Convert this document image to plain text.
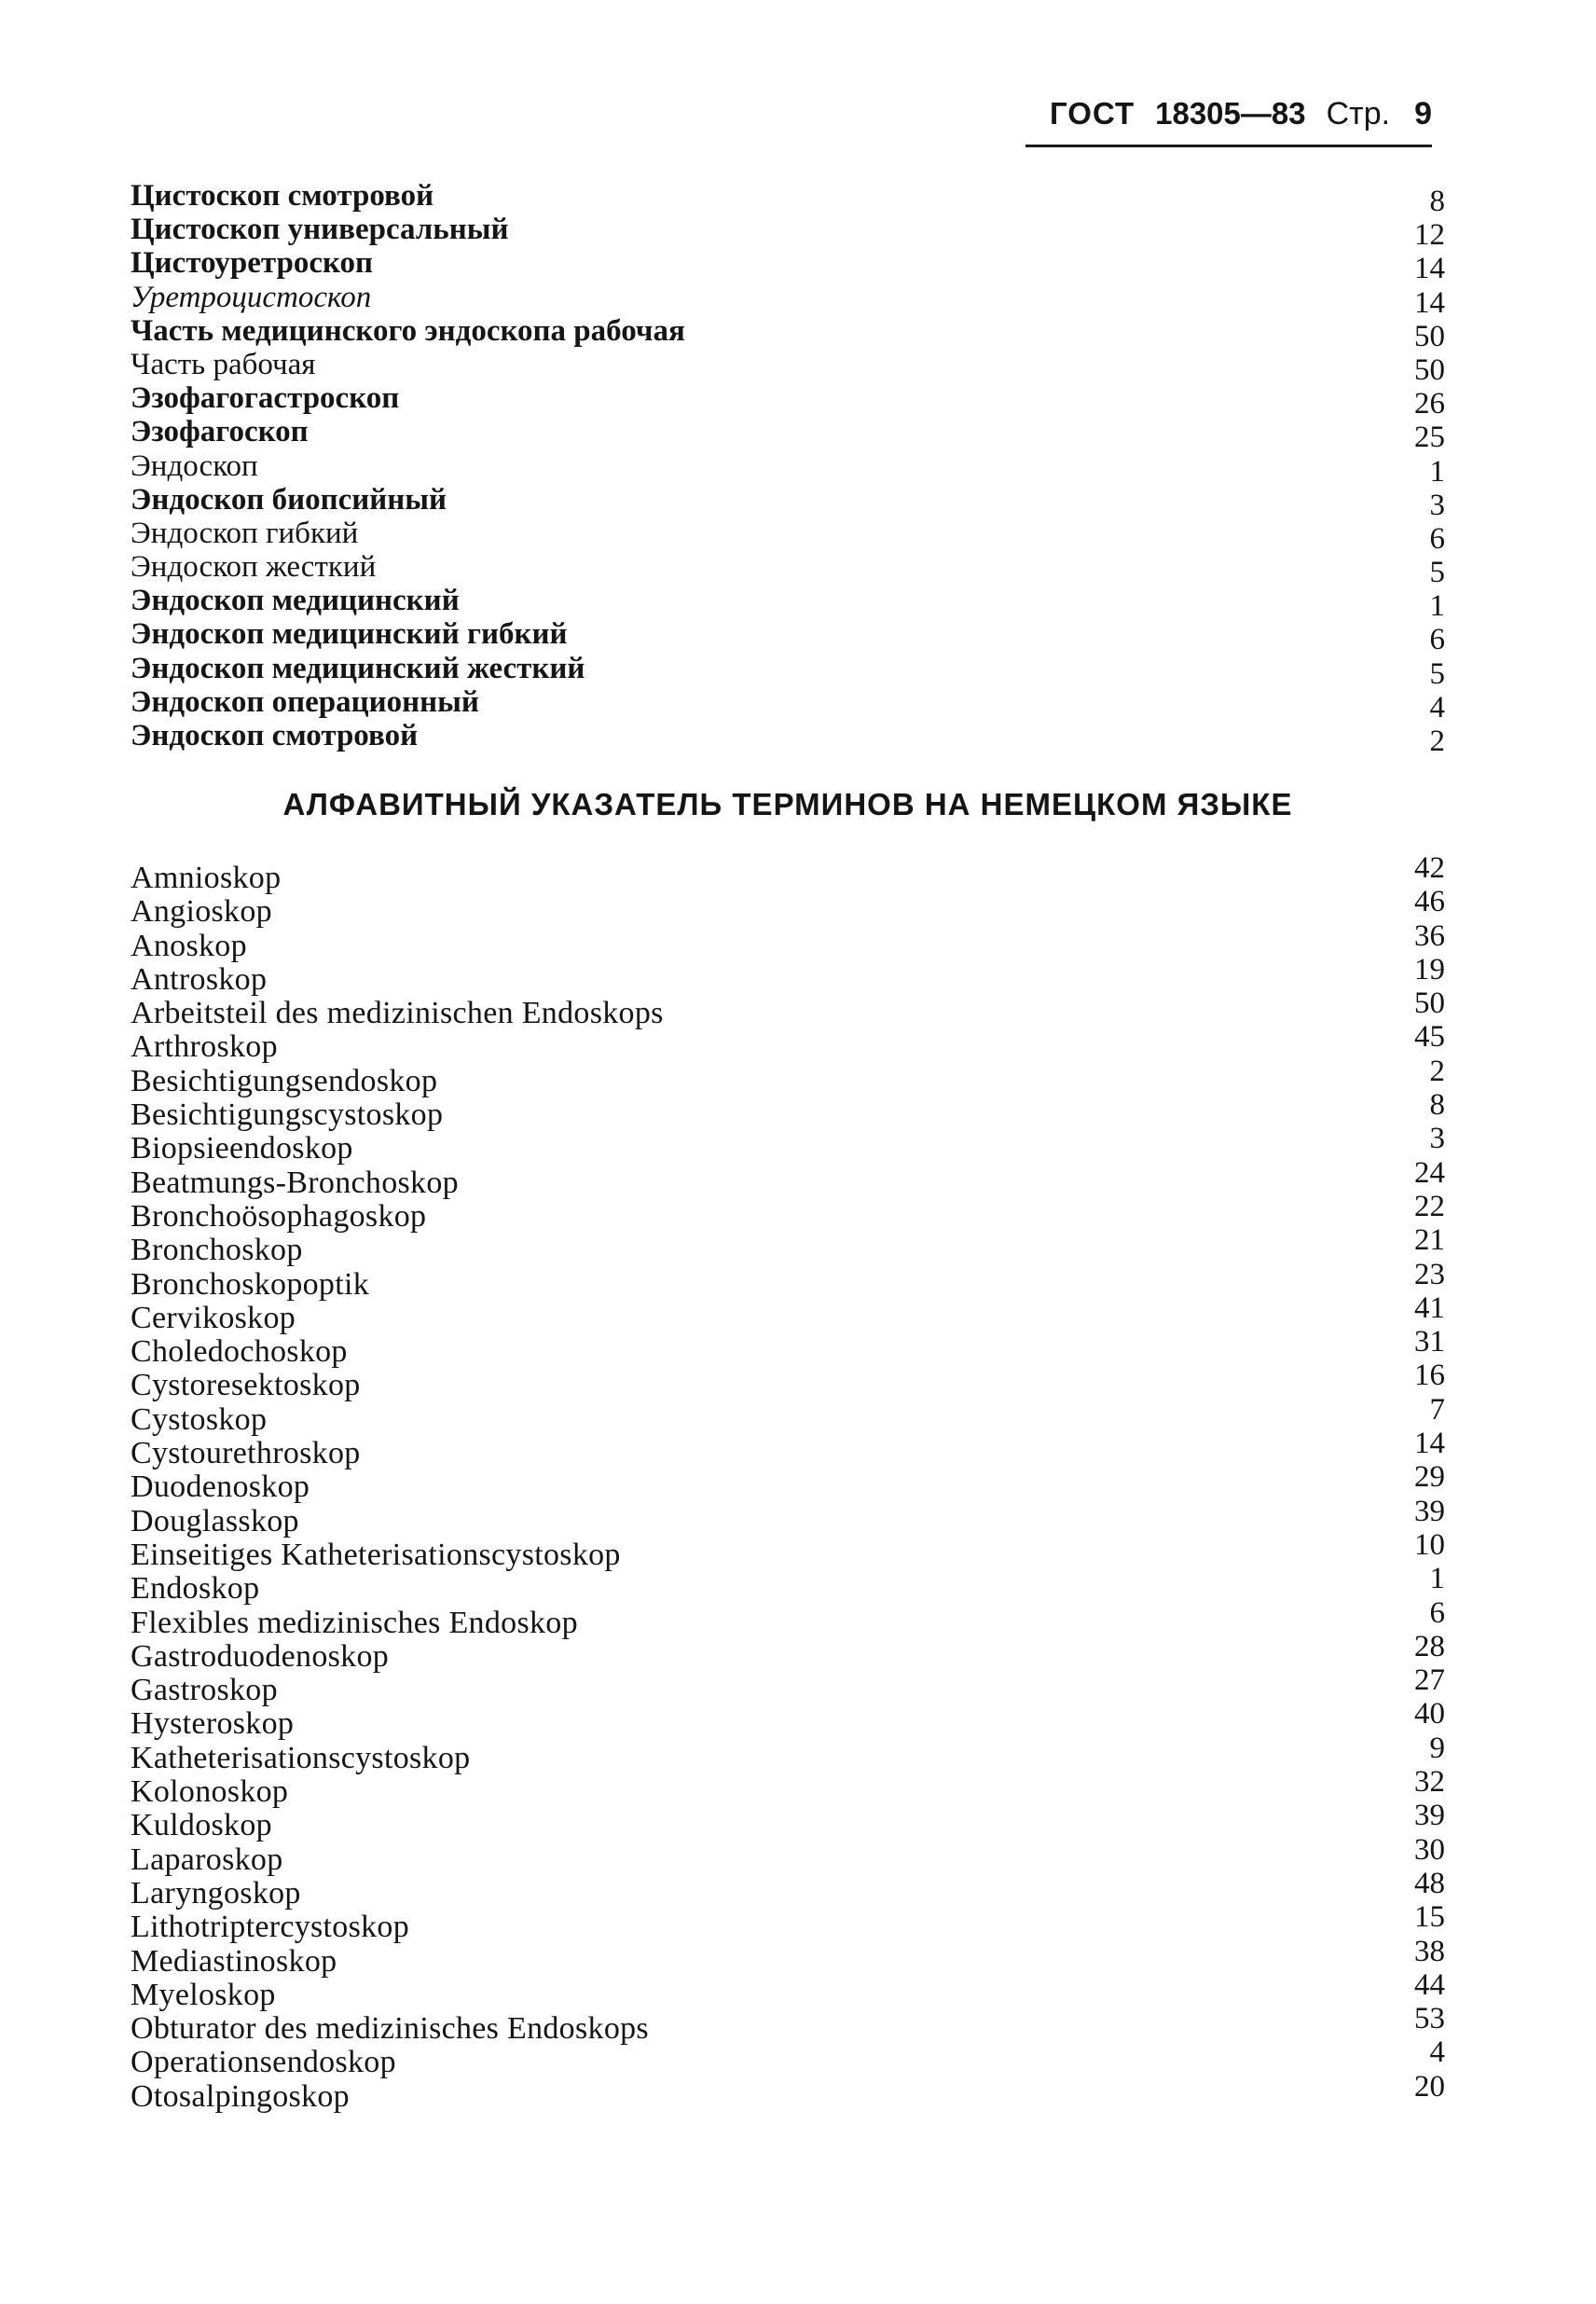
ГОСТ 18305—83 Стр. 9
Цистоскоп смотровой	8
Цистоскоп универсальный	12
Цистоуретроскоп	14
Уретроцистоскоп	14
Часть медицинского эндоскопа рабочая	50
Часть рабочая	50
Эзофагогастроскоп	26
Эзофагоскоп	25
Эндоскоп	1
Эндоскоп биопсийный	3
Эндоскоп гибкий	6
Эндоскоп жесткий	5
Эндоскоп медицинский	1
Эндоскоп медицинский гибкий	6
Эндоскоп медицинский жесткий	5
Эндоскоп операционный	4
Эндоскоп смотровой	2
АЛФАВИТНЫЙ УКАЗАТЕЛЬ ТЕРМИНОВ НА НЕМЕЦКОМ ЯЗЫКЕ
Amnioskop	42
Angioskop	46
Anoskop	36
Antroskop	19
Arbeitsteil des medizinischen Endoskops	50
Arthroskop	45
Besichtigungsendoskop	2
Besichtigungscystoskop	8
Biopsieendoskop	3
Beatmungs-Bronchoskop	24
Bronchoösophagoskop	22
Bronchoskop	21
Bronchoskopoptik	23
Cervikoskop	41
Choledochoskop	31
Cystoresektoskop	16
Cystoskop	7
Cystourethroskop	14
Duodenoskop	29
Douglasskop	39
Einseitiges Katheterisationscystoskop	10
Endoskop	1
Flexibles medizinisches Endoskop	6
Gastroduodenoskop	28
Gastroskop	27
Hysteroskop	40
Katheterisationscystoskop	9
Kolonoskop	32
Kuldoskop	39
Laparoskop	30
Laryngoskop	48
Lithotriptercystoskop	15
Mediastinoskop	38
Myeloskop	44
Obturator des medizinisches Endoskops	53
Operationsendoskop	4
Otosalpingoskop	20
